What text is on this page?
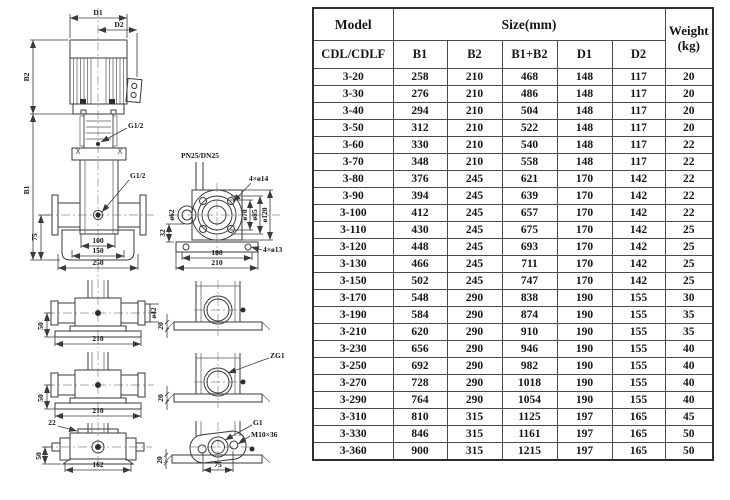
D1
D2
B2
B1
75	100
150
250
G1/2
G1/2
PN25/DN25
ø62	ø70 ø85 ø120
4×ø14
4×ø13
32
180
210
50
210
ø42
20
50
210
20
ZG1
22
50
162
G1
M10×36
20	75
Model	Size(mm)					Weight
(kg)

CDL/CDLF	B1	B2	B1+B2	D1	D2	
3-20	258	210	468	148	117	20
3-30	276	210	486	148	117	20
3-40	294	210	504	148	117	20
3-50	312	210	522	148	117	20
3-60	330	210	540	148	117	22
3-70	348	210	558	148	117	22
3-80	376	245	621	170	142	22
3-90	394	245	639	170	142	22
3-100	412	245	657	170	142	22
3-110	430	245	675	170	142	25
3-120	448	245	693	170	142	25
3-130	466	245	711	170	142	25
3-150	502	245	747	170	142	25
3-170	548	290	838	190	155	30
3-190	584	290	874	190	155	35
3-210	620	290	910	190	155	35
3-230	656	290	946	190	155	40
3-250	692	290	982	190	155	40
3-270	728	290	1018	190	155	40
3-290	764	290	1054	190	155	40
3-310	810	315	1125	197	165	45
3-330	846	315	1161	197	165	50
3-360	900	315	1215	197	165	50
